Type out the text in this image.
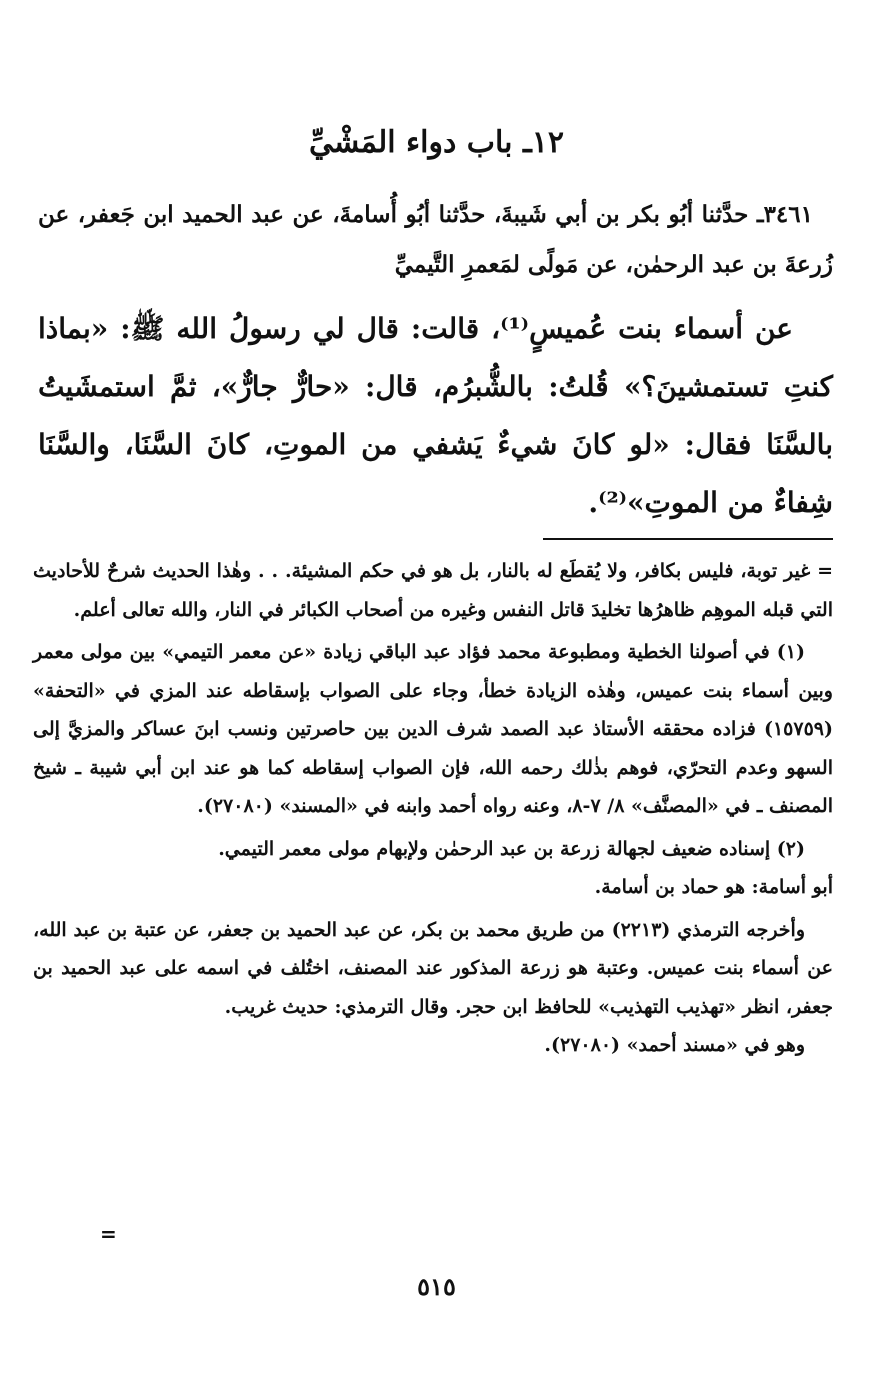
١٢ـ باب دواء المَشْيِّ

٣٤٦١ـ حدَّثنا أبُو بكر بن أبي شَيبةَ، حدَّثنا أبُو أُسامةَ، عن عبد الحميد ابن جَعفر، عن زُرعةَ بن عبد الرحمٰن، عن مَولًى لمَعمرِ التَّيميِّ

عن أسماء بنت عُميسٍ⁽¹⁾، قالت: قال لي رسولُ الله ﷺ: «بماذا كنتِ تستمشينَ؟» قُلتُ: بالشُّبرُم، قال: «حارٌّ جارٌّ»، ثمَّ استمشَيتُ بالسَّنَا فقال: «لو كانَ شيءٌ يَشفي من الموتِ، كانَ السَّنَا، والسَّنَا شِفاءٌ من الموتِ»⁽²⁾.

= غير توبة، فليس بكافر، ولا يُقطَع له بالنار، بل هو في حكم المشيئة. . . وهٰذا الحديث شرحٌ للأحاديث التي قبله الموهِم ظاهرُها تخليدَ قاتل النفس وغيره من أصحاب الكبائر في النار، والله تعالى أعلم.

(١) في أصولنا الخطية ومطبوعة محمد فؤاد عبد الباقي زيادة «عن معمر التيمي» بين مولى معمر وبين أسماء بنت عميس، وهٰذه الزيادة خطأ، وجاء على الصواب بإسقاطه عند المزي في «التحفة» (١٥٧٥٩) فزاده محققه الأستاذ عبد الصمد شرف الدين بين حاصرتين ونسب ابنَ عساكر والمزيَّ إلى السهو وعدم التحرّي، فوهم بذٰلك رحمه الله، فإن الصواب إسقاطه كما هو عند ابن أبي شيبة ـ شيخ المصنف ـ في «المصنَّف» ٨/ ٧-٨، وعنه رواه أحمد وابنه في «المسند» (٢٧٠٨٠).

(٢) إسناده ضعيف لجهالة زرعة بن عبد الرحمٰن ولإبهام مولى معمر التيمي.

أبو أسامة: هو حماد بن أسامة.

وأخرجه الترمذي (٢٢١٣) من طريق محمد بن بكر، عن عبد الحميد بن جعفر، عن عتبة بن عبد الله، عن أسماء بنت عميس. وعتبة هو زرعة المذكور عند المصنف، اختُلف في اسمه على عبد الحميد بن جعفر، انظر «تهذيب التهذيب» للحافظ ابن حجر. وقال الترمذي: حديث غريب.

وهو في «مسند أحمد» (٢٧٠٨٠).

=
٥١٥
